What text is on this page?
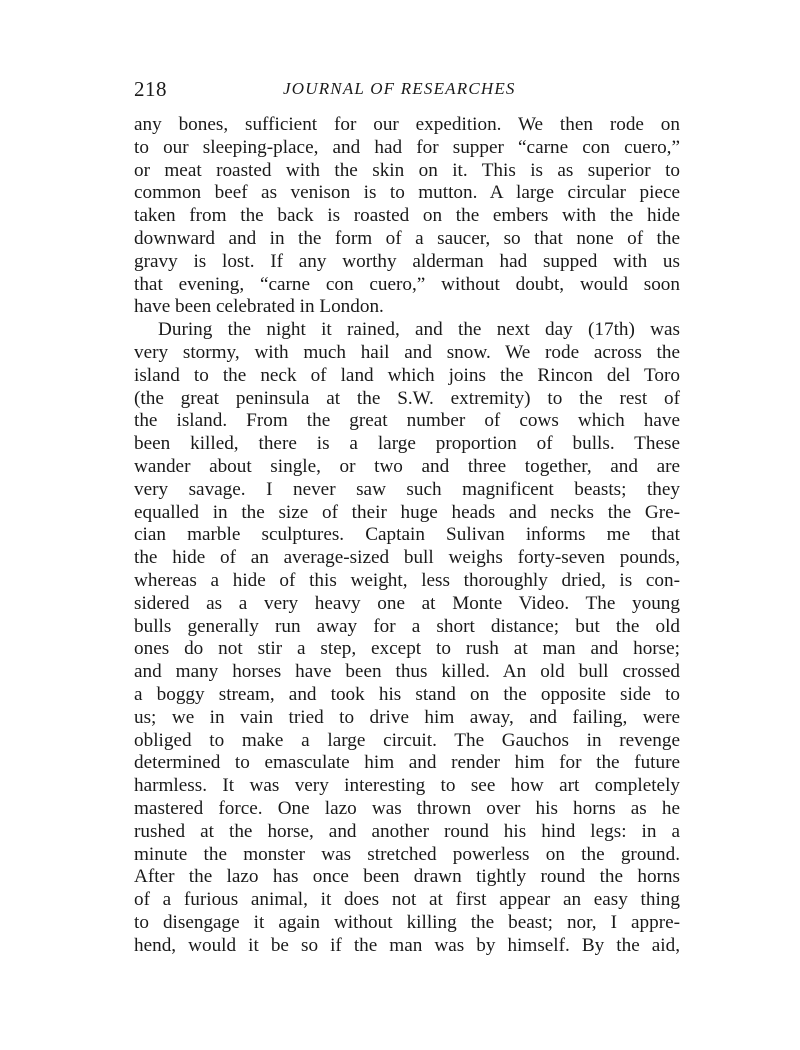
218	JOURNAL OF RESEARCHES
any bones, sufficient for our expedition. We then rode on
to our sleeping-place, and had for supper “carne con cuero,”
or meat roasted with the skin on it. This is as superior to
common beef as venison is to mutton. A large circular piece
taken from the back is roasted on the embers with the hide
downward and in the form of a saucer, so that none of the
gravy is lost. If any worthy alderman had supped with us
that evening, “carne con cuero,” without doubt, would soon
have been celebrated in London.
During the night it rained, and the next day (17th) was
very stormy, with much hail and snow. We rode across the
island to the neck of land which joins the Rincon del Toro
(the great peninsula at the S.W. extremity) to the rest of
the island. From the great number of cows which have
been killed, there is a large proportion of bulls. These
wander about single, or two and three together, and are
very savage. I never saw such magnificent beasts; they
equalled in the size of their huge heads and necks the Gre-
cian marble sculptures. Captain Sulivan informs me that
the hide of an average-sized bull weighs forty-seven pounds,
whereas a hide of this weight, less thoroughly dried, is con-
sidered as a very heavy one at Monte Video. The young
bulls generally run away for a short distance; but the old
ones do not stir a step, except to rush at man and horse;
and many horses have been thus killed. An old bull crossed
a boggy stream, and took his stand on the opposite side to
us; we in vain tried to drive him away, and failing, were
obliged to make a large circuit. The Gauchos in revenge
determined to emasculate him and render him for the future
harmless. It was very interesting to see how art completely
mastered force. One lazo was thrown over his horns as he
rushed at the horse, and another round his hind legs: in a
minute the monster was stretched powerless on the ground.
After the lazo has once been drawn tightly round the horns
of a furious animal, it does not at first appear an easy thing
to disengage it again without killing the beast; nor, I appre-
hend, would it be so if the man was by himself. By the aid,
